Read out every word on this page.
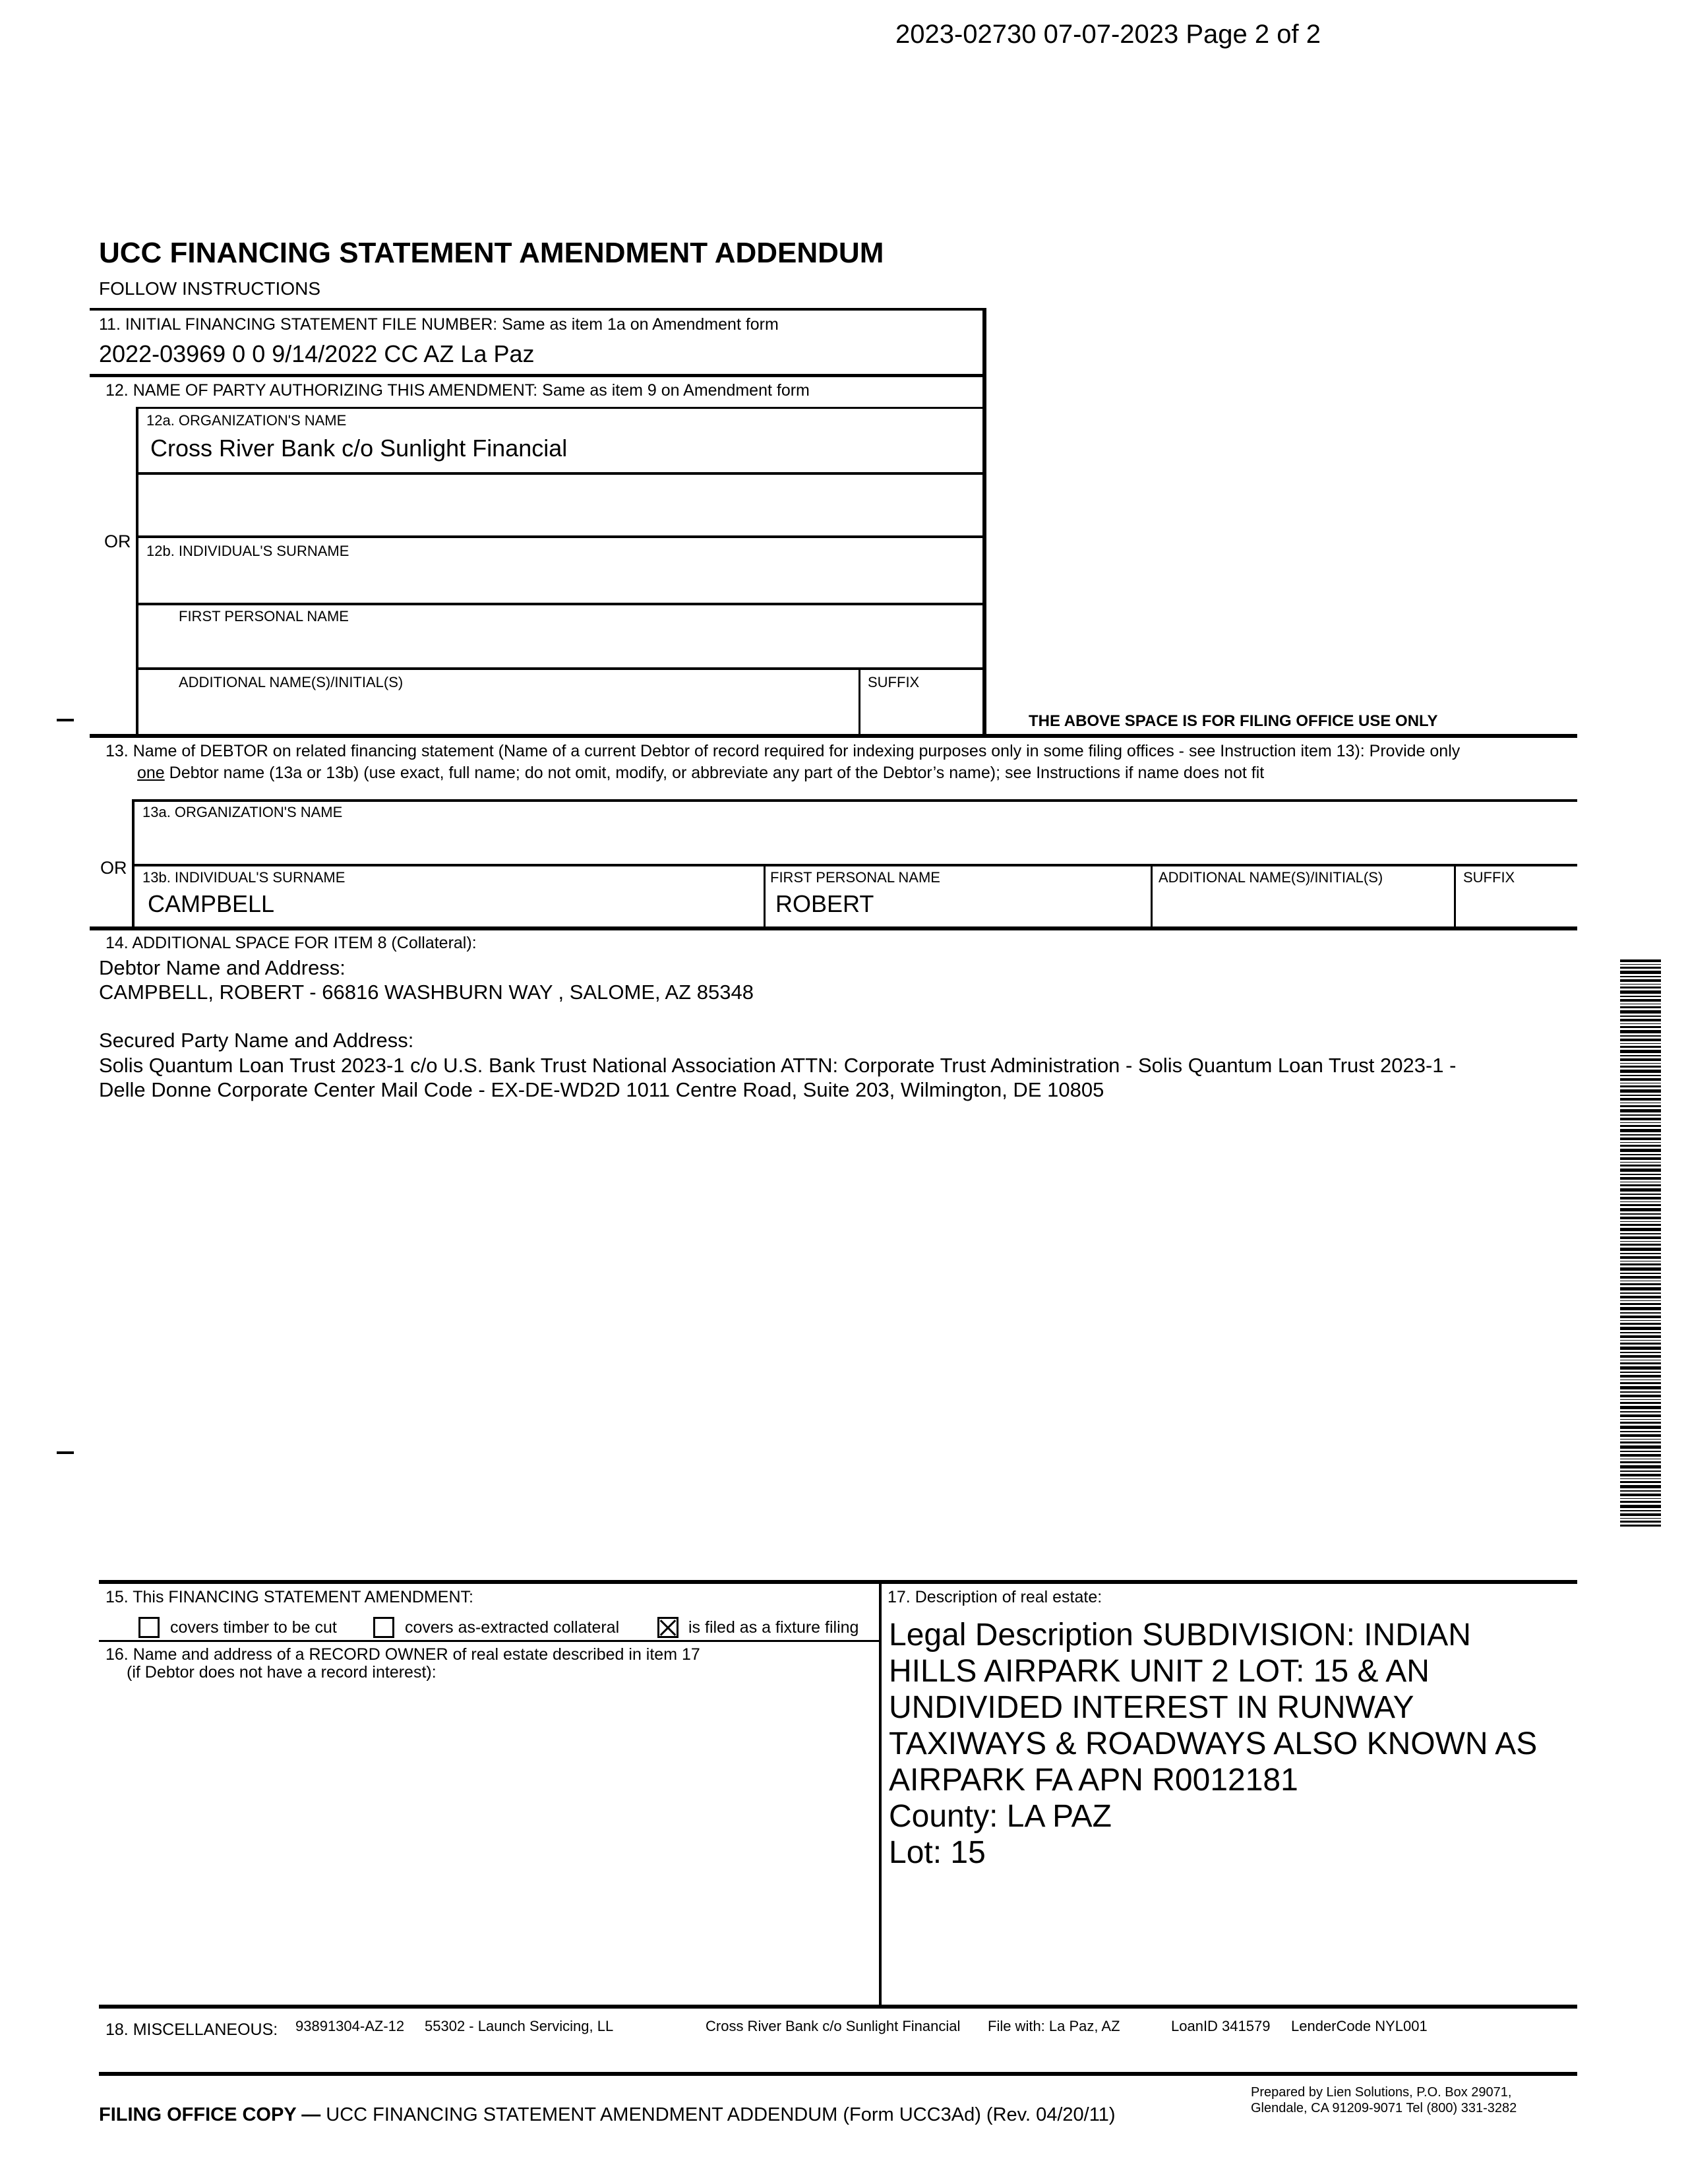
2023-02730 07-07-2023 Page 2 of 2
UCC FINANCING STATEMENT AMENDMENT ADDENDUM
FOLLOW INSTRUCTIONS
11. INITIAL FINANCING STATEMENT FILE NUMBER: Same as item 1a on Amendment form
2022-03969 0 0 9/14/2022 CC AZ La Paz
12. NAME OF PARTY AUTHORIZING THIS AMENDMENT: Same as item 9 on Amendment form
12a. ORGANIZATION'S NAME
Cross River Bank c/o Sunlight Financial
OR 12b. INDIVIDUAL'S SURNAME
FIRST PERSONAL NAME
ADDITIONAL NAME(S)/INITIAL(S)	SUFFIX
THE ABOVE SPACE IS FOR FILING OFFICE USE ONLY
13. Name of DEBTOR on related financing statement (Name of a current Debtor of record required for indexing purposes only in some filing offices - see Instruction item 13): Provide only
one Debtor name (13a or 13b) (use exact, full name; do not omit, modify, or abbreviate any part of the Debtor’s name); see Instructions if name does not fit
13a. ORGANIZATION'S NAME
OR 13b. INDIVIDUAL'S SURNAME
CAMPBELL
FIRST PERSONAL NAME
ROBERT
ADDITIONAL NAME(S)/INITIAL(S)	SUFFIX
14. ADDITIONAL SPACE FOR ITEM 8 (Collateral):
Debtor Name and Address:
CAMPBELL, ROBERT - 66816 WASHBURN WAY , SALOME, AZ 85348
Secured Party Name and Address:
Solis Quantum Loan Trust 2023-1 c/o U.S. Bank Trust National Association ATTN: Corporate Trust Administration - Solis Quantum Loan Trust 2023-1 -
Delle Donne Corporate Center Mail Code - EX-DE-WD2D 1011 Centre Road, Suite 203, Wilmington, DE 10805
15. This FINANCING STATEMENT AMENDMENT:
covers timber to be cut	covers as-extracted collateral	is filed as a fixture filing
16. Name and address of a RECORD OWNER of real estate described in item 17
(if Debtor does not have a record interest):
17. Description of real estate:
Legal Description SUBDIVISION: INDIAN
HILLS AIRPARK UNIT 2 LOT: 15 & AN
UNDIVIDED INTEREST IN RUNWAY
TAXIWAYS & ROADWAYS ALSO KNOWN AS
AIRPARK FA APN R0012181
County: LA PAZ
Lot: 15
18. MISCELLANEOUS: 93891304-AZ-12 55302 - Launch Servicing, LL	Cross River Bank c/o Sunlight Financial File with: La Paz, AZ	LoanID 341579 LenderCode NYL001
FILING OFFICE COPY — UCC FINANCING STATEMENT AMENDMENT ADDENDUM (Form UCC3Ad) (Rev. 04/20/11)
Prepared by Lien Solutions, P.O. Box 29071,
Glendale, CA 91209-9071 Tel (800) 331-3282
